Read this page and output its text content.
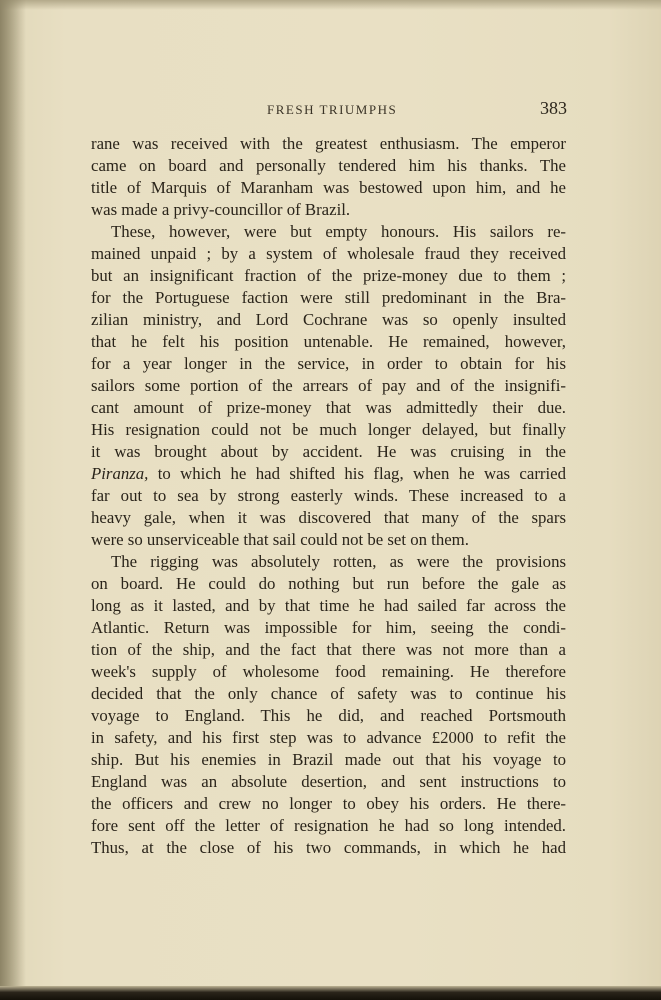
FRESH TRIUMPHS	383
rane was received with the greatest enthusiasm. The emperor
came on board and personally tendered him his thanks. The
title of Marquis of Maranham was bestowed upon him, and he
was made a privy-councillor of Brazil.
These, however, were but empty honours. His sailors re-
mained unpaid ; by a system of wholesale fraud they received
but an insignificant fraction of the prize-money due to them ;
for the Portuguese faction were still predominant in the Bra-
zilian ministry, and Lord Cochrane was so openly insulted
that he felt his position untenable. He remained, however,
for a year longer in the service, in order to obtain for his
sailors some portion of the arrears of pay and of the insignifi-
cant amount of prize-money that was admittedly their due.
His resignation could not be much longer delayed, but finally
it was brought about by accident. He was cruising in the
Piranza, to which he had shifted his flag, when he was carried
far out to sea by strong easterly winds. These increased to a
heavy gale, when it was discovered that many of the spars
were so unserviceable that sail could not be set on them.
The rigging was absolutely rotten, as were the provisions
on board. He could do nothing but run before the gale as
long as it lasted, and by that time he had sailed far across the
Atlantic. Return was impossible for him, seeing the condi-
tion of the ship, and the fact that there was not more than a
week's supply of wholesome food remaining. He therefore
decided that the only chance of safety was to continue his
voyage to England. This he did, and reached Portsmouth
in safety, and his first step was to advance £2000 to refit the
ship. But his enemies in Brazil made out that his voyage to
England was an absolute desertion, and sent instructions to
the officers and crew no longer to obey his orders. He there-
fore sent off the letter of resignation he had so long intended.
Thus, at the close of his two commands, in which he had
